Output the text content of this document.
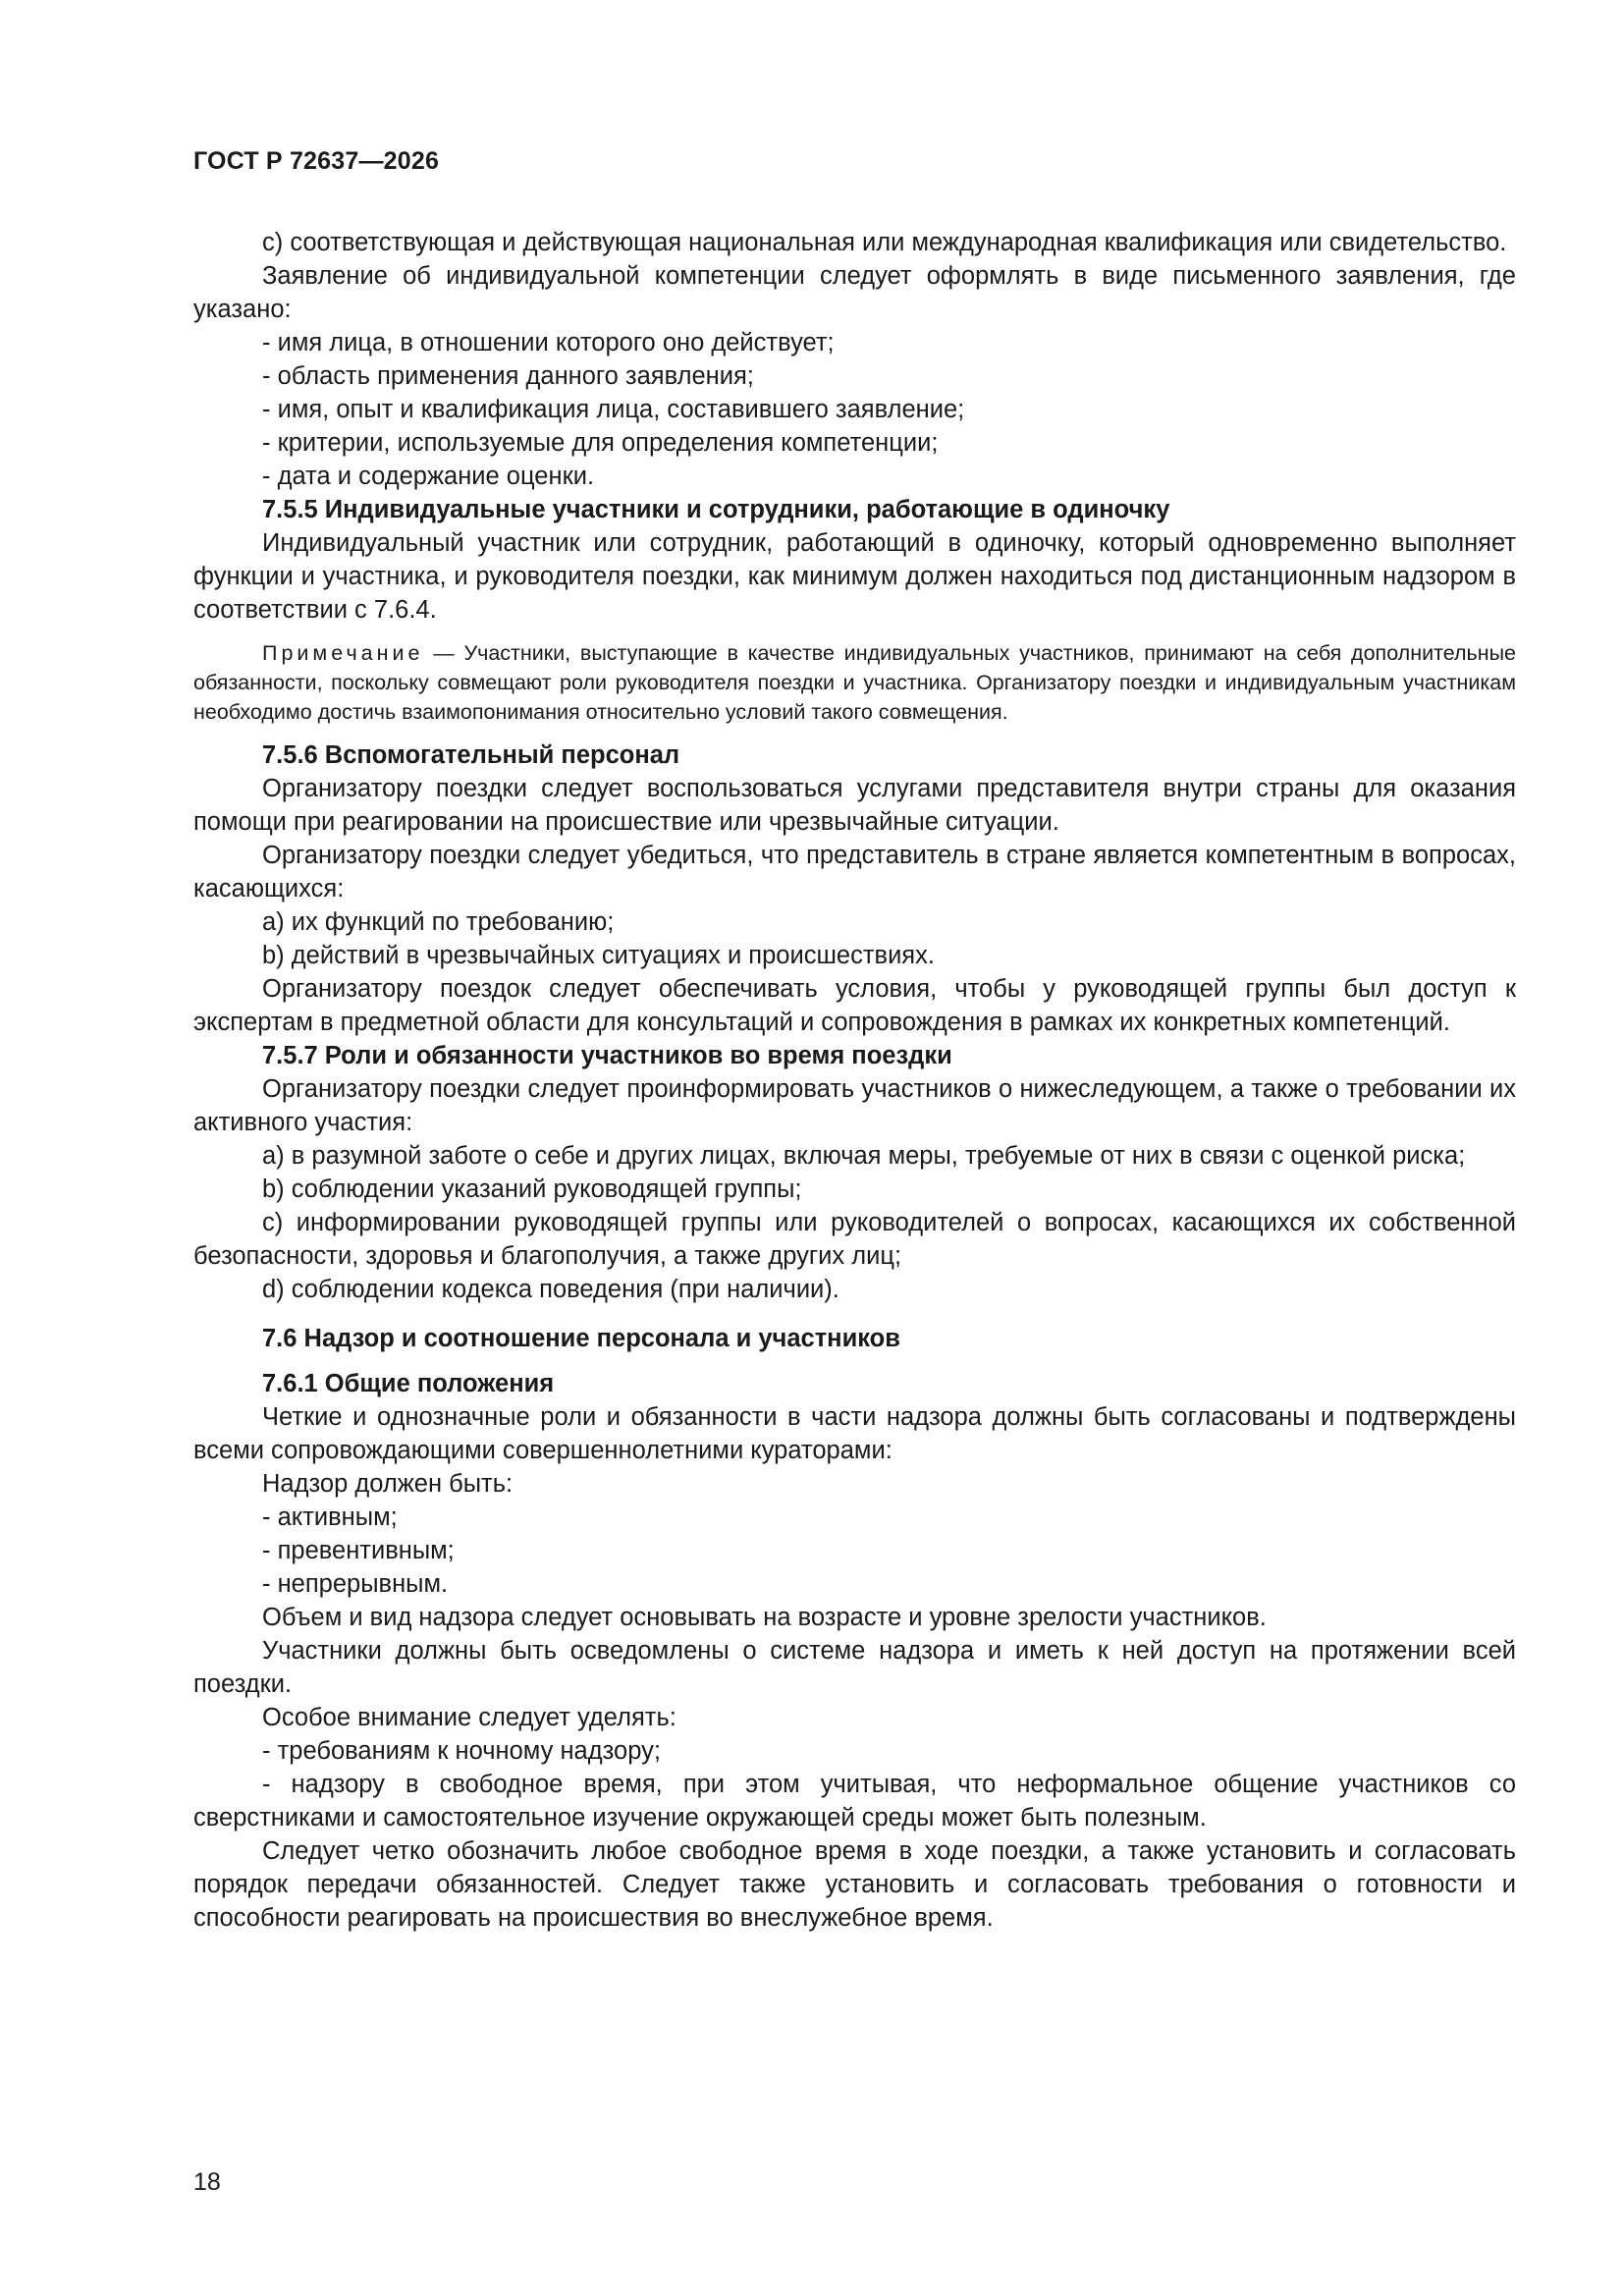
ГОСТ Р 72637—2026

c) соответствующая и действующая национальная или международная квалификация или свидетельство.

Заявление об индивидуальной компетенции следует оформлять в виде письменного заявления, где указано:

- имя лица, в отношении которого оно действует;

- область применения данного заявления;

- имя, опыт и квалификация лица, составившего заявление;

- критерии, используемые для определения компетенции;

- дата и содержание оценки.

7.5.5 Индивидуальные участники и сотрудники, работающие в одиночку

Индивидуальный участник или сотрудник, работающий в одиночку, который одновременно выполняет функции и участника, и руководителя поездки, как минимум должен находиться под дистанционным надзором в соответствии с 7.6.4.

Примечание — Участники, выступающие в качестве индивидуальных участников, принимают на себя дополнительные обязанности, поскольку совмещают роли руководителя поездки и участника. Организатору поездки и индивидуальным участникам необходимо достичь взаимопонимания относительно условий такого совмещения.

7.5.6 Вспомогательный персонал

Организатору поездки следует воспользоваться услугами представителя внутри страны для оказания помощи при реагировании на происшествие или чрезвычайные ситуации.

Организатору поездки следует убедиться, что представитель в стране является компетентным в вопросах, касающихся:

a) их функций по требованию;

b) действий в чрезвычайных ситуациях и происшествиях.

Организатору поездок следует обеспечивать условия, чтобы у руководящей группы был доступ к экспертам в предметной области для консультаций и сопровождения в рамках их конкретных компетенций.

7.5.7 Роли и обязанности участников во время поездки

Организатору поездки следует проинформировать участников о нижеследующем, а также о требовании их активного участия:

a) в разумной заботе о себе и других лицах, включая меры, требуемые от них в связи с оценкой риска;

b) соблюдении указаний руководящей группы;

c) информировании руководящей группы или руководителей о вопросах, касающихся их собственной безопасности, здоровья и благополучия, а также других лиц;

d) соблюдении кодекса поведения (при наличии).

7.6 Надзор и соотношение персонала и участников

7.6.1 Общие положения

Четкие и однозначные роли и обязанности в части надзора должны быть согласованы и подтверждены всеми сопровождающими совершеннолетними кураторами:

Надзор должен быть:

- активным;

- превентивным;

- непрерывным.

Объем и вид надзора следует основывать на возрасте и уровне зрелости участников.

Участники должны быть осведомлены о системе надзора и иметь к ней доступ на протяжении всей поездки.

Особое внимание следует уделять:

- требованиям к ночному надзору;

- надзору в свободное время, при этом учитывая, что неформальное общение участников со сверстниками и самостоятельное изучение окружающей среды может быть полезным.

Следует четко обозначить любое свободное время в ходе поездки, а также установить и согласовать порядок передачи обязанностей. Следует также установить и согласовать требования о готовности и способности реагировать на происшествия во внеслужебное время.

18
